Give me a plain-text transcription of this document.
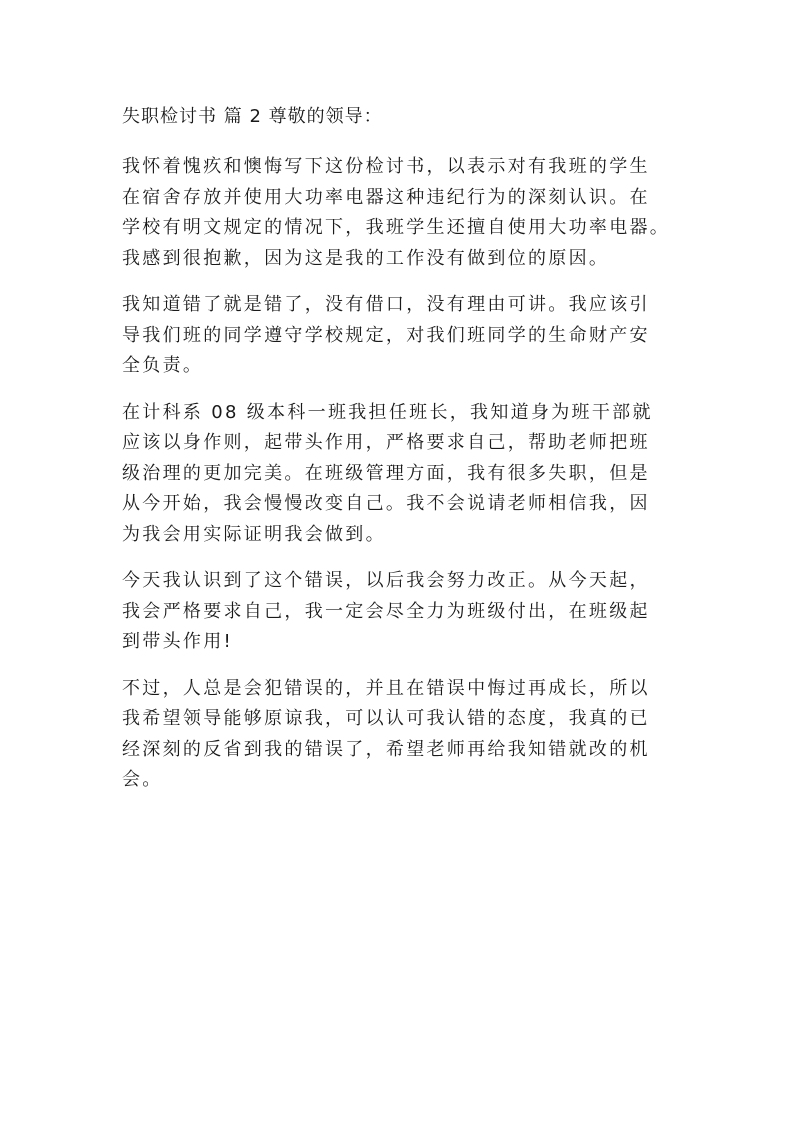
失职检讨书 篇 2 尊敬的领导：
我怀着愧疚和懊悔写下这份检讨书，以表示对有我班的学生
在宿舍存放并使用大功率电器这种违纪行为的深刻认识。在
学校有明文规定的情况下，我班学生还擅自使用大功率电器。
我感到很抱歉，因为这是我的工作没有做到位的原因。
我知道错了就是错了，没有借口，没有理由可讲。我应该引
导我们班的同学遵守学校规定，对我们班同学的生命财产安
全负责。
在计科系 08 级本科一班我担任班长，我知道身为班干部就
应该以身作则，起带头作用，严格要求自己，帮助老师把班
级治理的更加完美。在班级管理方面，我有很多失职，但是
从今开始，我会慢慢改变自己。我不会说请老师相信我，因
为我会用实际证明我会做到。
今天我认识到了这个错误，以后我会努力改正。从今天起，
我会严格要求自己，我一定会尽全力为班级付出，在班级起
到带头作用!
不过，人总是会犯错误的，并且在错误中悔过再成长，所以
我希望领导能够原谅我，可以认可我认错的态度，我真的已
经深刻的反省到我的错误了，希望老师再给我知错就改的机
会。
